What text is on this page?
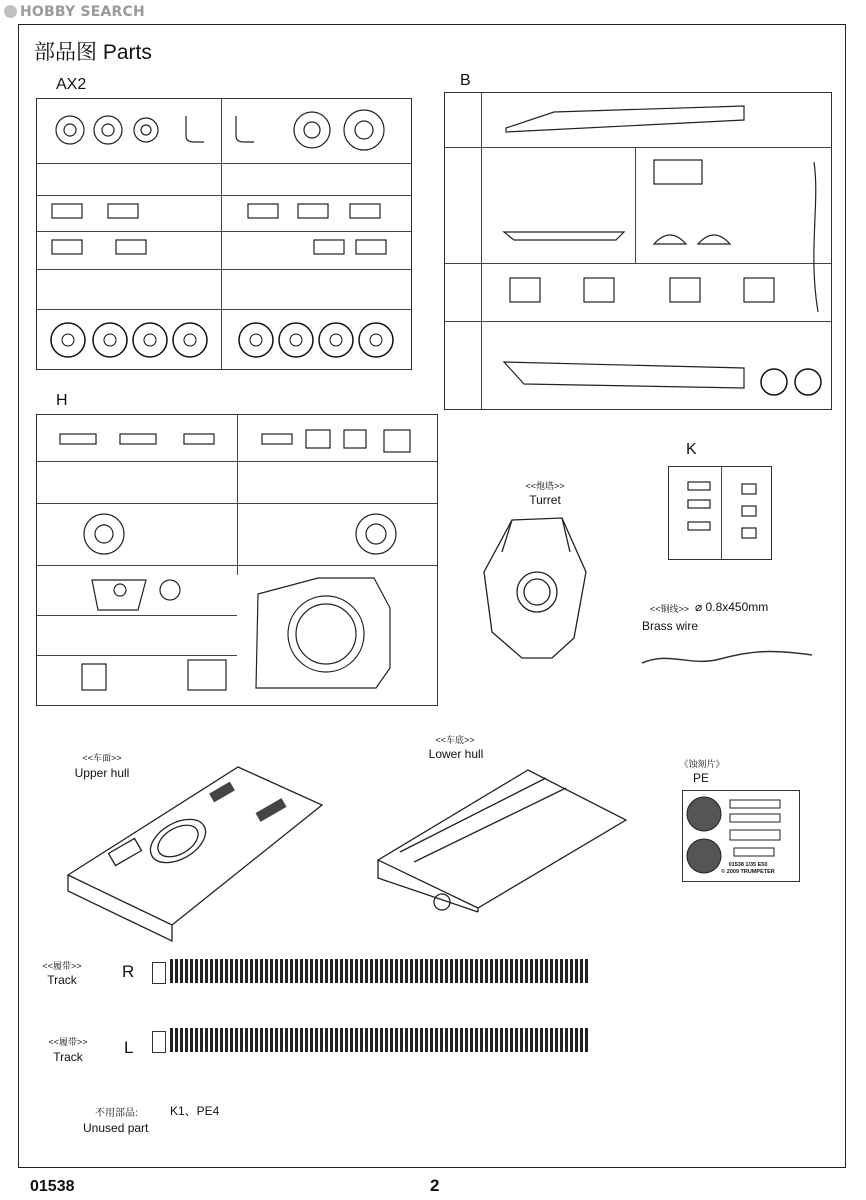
HOBBY SEARCH
部品图 Parts
AX2	B
H
K
<<炮塔>>
Turret
<<铜线>> ⌀ 0.8x450mm
Brass wire
<<车面>>
Upper hull
<<车底>>
Lower hull
《蚀刻片》
PE
01538 1/35 E50
© 2009 TRUMPETER
<<履带>>
Track	R
<<履带>>
Track	L
不用部品:	K1、PE4
Unused part
01538	2
